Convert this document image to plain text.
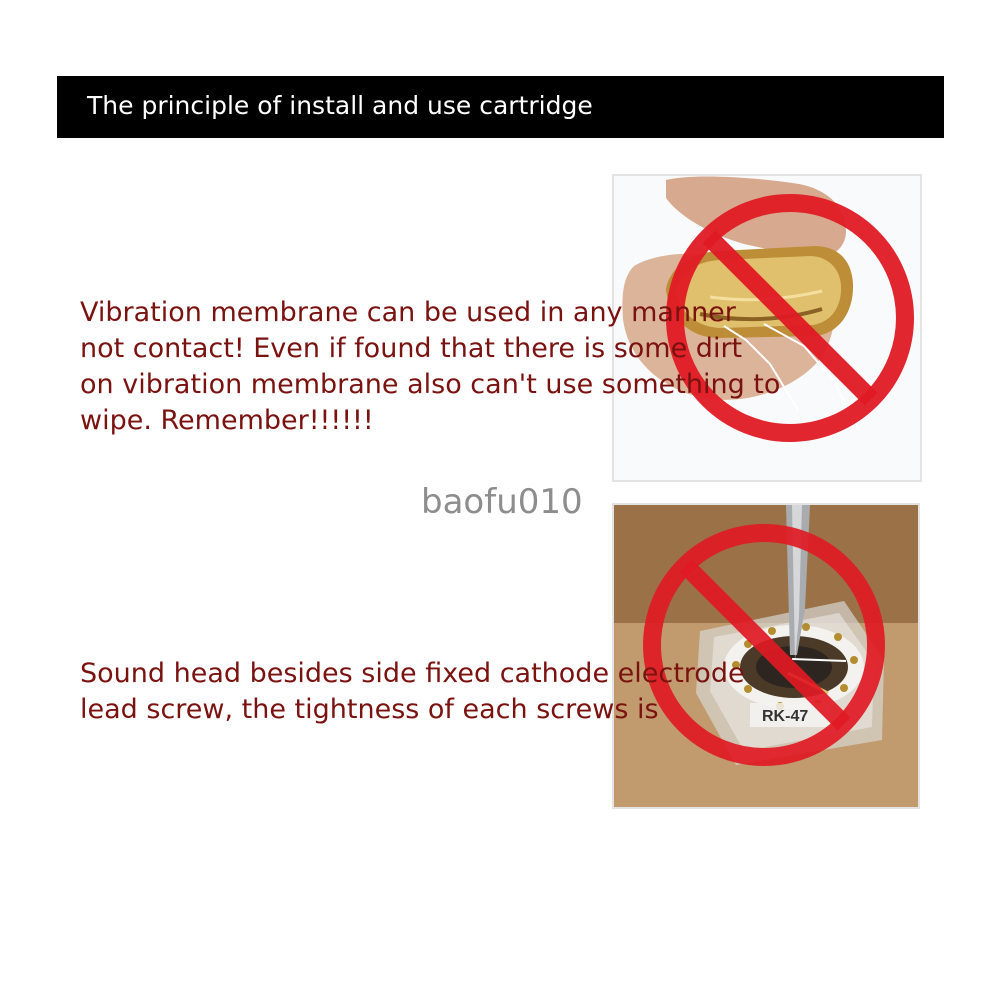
The principle of install and use cartridge
RK-47
Vibration membrane can be used in any manner
not contact! Even if found that there is some dirt
on vibration membrane also can't use something to
wipe. Remember!!!!!!
baofu010
Sound head besides side fixed cathode electrode
lead screw, the tightness of each screws is
